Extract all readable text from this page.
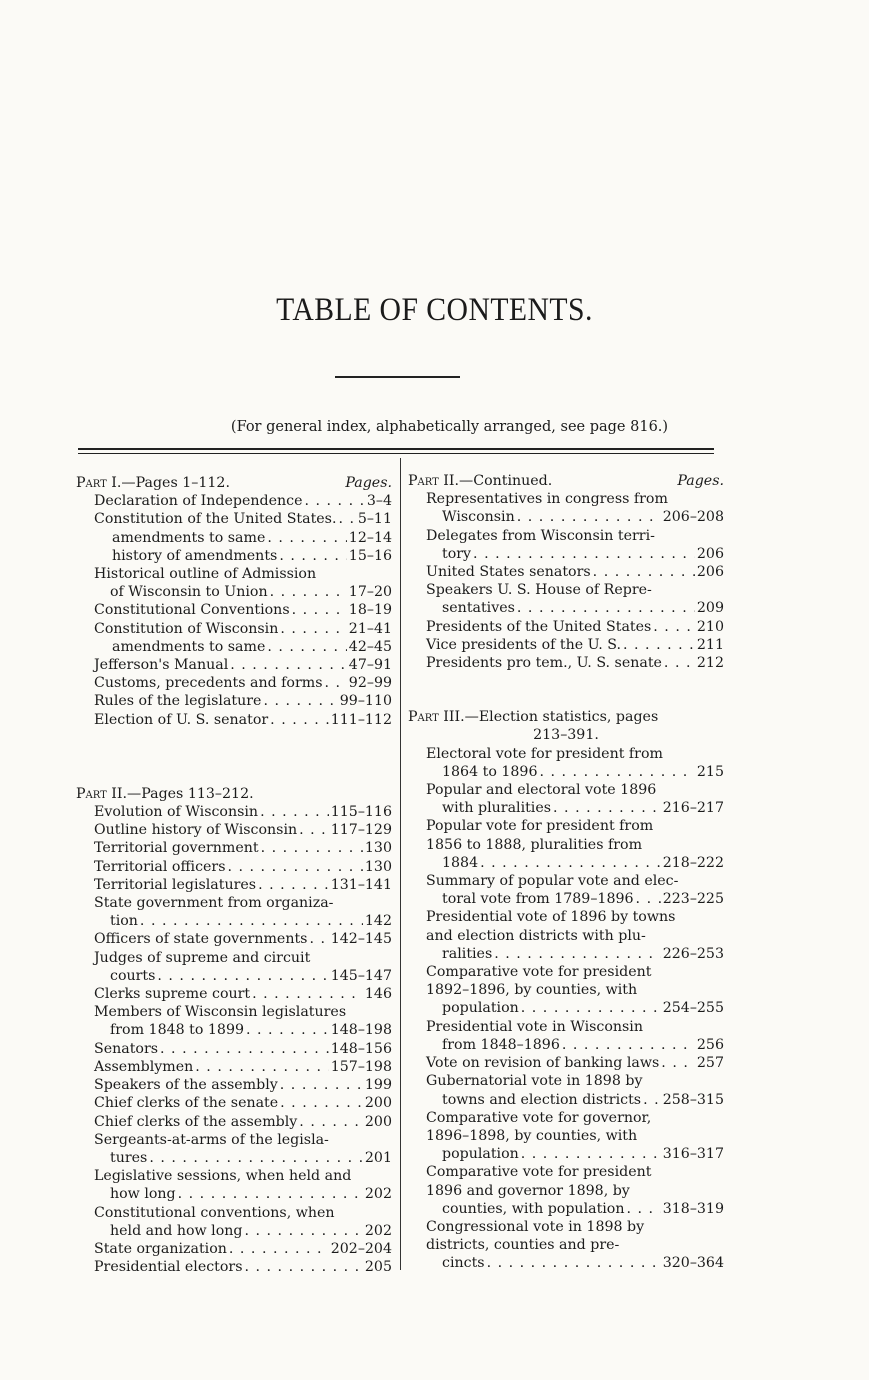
TABLE OF CONTENTS.
(For general index, alphabetically arranged, see page 816.)
Part I.—Pages 1–112.	Pages.
Declaration of Independence . . .	3–4
Constitution of the United States. . . . 5–11
amendments to same . . .	12–14
history of amendments . . .	15–16
Historical outline of Admission
of Wisconsin to Union . . .	17–20
Constitutional Conventions . . .	18–19
Constitution of Wisconsin . . .	21–41
amendments to same . . .	42–45
Jefferson's Manual . . .	47–91
Customs, precedents and forms . . . 92–99
Rules of the legislature . . .	99–110
Election of U. S. senator . . .	111–112
Part II.—Pages 113–212.
Evolution of Wisconsin . . .	115–116
Outline history of Wisconsin . . . 117–129
Territorial government . . .	130
Territorial officers . . .	130
Territorial legislatures . . .	131–141
State government from organiza-
tion . . .	142
Officers of state governments . . . 142–145
Judges of supreme and circuit
courts . . .	145–147
Clerks supreme court . . .	146
Members of Wisconsin legislatures
from 1848 to 1899 . . .	148–198
Senators . . .	148–156
Assemblymen . . .	157–198
Speakers of the assembly . . .	199
Chief clerks of the senate . . .	200
Chief clerks of the assembly . . .	200
Sergeants-at-arms of the legisla-
tures . . .	201
Legislative sessions, when held and
how long . . .	202
Constitutional conventions, when
held and how long . . .	202
State organization . . .	202–204
Presidential electors . . .	205
Part II.—Continued.	Pages.
Representatives in congress from
Wisconsin . . .	206–208
Delegates from Wisconsin terri-
tory . . .	206
United States senators . . .	206
Speakers U. S. House of Repre-
sentatives . . .	209
Presidents of the United States . . .	210
Vice presidents of the U. S. . . .	211
Presidents pro tem., U. S. senate . . . 212
Part III.—Election statistics, pages
213–391.
Electoral vote for president from
1864 to 1896 . . .	215
Popular and electoral vote 1896
with pluralities . . .	216–217
Popular vote for president from
1856 to 1888, pluralities from
1884 . . .	218–222
Summary of popular vote and elec-
toral vote from 1789–1896 . . . 223–225
Presidential vote of 1896 by towns
and election districts with plu-
ralities . . .	226–253
Comparative vote for president
1892–1896, by counties, with
population . . .	254–255
Presidential vote in Wisconsin
from 1848–1896 . . .	256
Vote on revision of banking laws . . .	257
Gubernatorial vote in 1898 by
towns and election districts . . . 258–315
Comparative vote for governor,
1896–1898, by counties, with
population . . .	316–317
Comparative vote for president
1896 and governor 1898, by
counties, with population . . .	318–319
Congressional vote in 1898 by
districts, counties and pre-
cincts . . .	320–364
